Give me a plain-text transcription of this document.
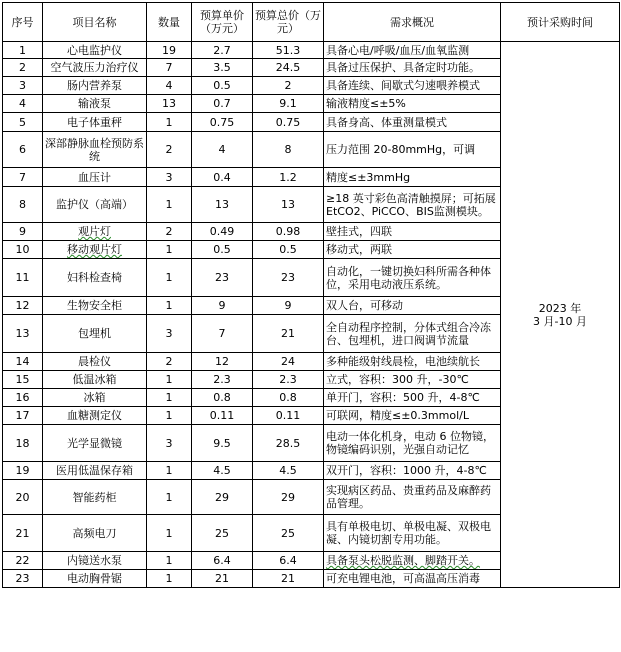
序号	项目名称	数量	预算单价（万元）	预算总价（万元）	需求概况	预计采购时间
1	心电监护仪	19	2.7	51.3	具备心电/呼吸/血压/血氧监测	2023 年
3 月-10 月

2	空气波压力治疗仪	7	3.5	24.5	具备过压保护、具备定时功能。	
3	肠内营养泵	4	0.5	2	具备连续、间歇式匀速喂养模式	
4	输液泵	13	0.7	9.1	输液精度≤±5%	
5	电子体重秤	1	0.75	0.75	具备身高、体重测量模式	
6	深部静脉血栓预防系统	2	4	8	压力范围 20-80mmHg，可调	
7	血压计	3	0.4	1.2	精度≤±3mmHg	
8	监护仪（高端）	1	13	13	≥18 英寸彩色高清触摸屏；可拓展EtCO2、PiCCO、BIS监测模块。	
9	观片灯	2	0.49	0.98	壁挂式，四联	
10	移动观片灯	1	0.5	0.5	移动式，两联	
11	妇科检查椅	1	23	23	自动化，一键切换妇科所需各种体位，采用电动液压系统。	
12	生物安全柜	1	9	9	双人台，可移动	
13	包埋机	3	7	21	全自动程序控制，分体式组合冷冻台、包埋机，进口阀调节流量	
14	晨检仪	2	12	24	多种能级射线晨检，电池续航长	
15	低温冰箱	1	2.3	2.3	立式，容积：300 升，-30℃	
16	冰箱	1	0.8	0.8	单开门，容积：500 升，4-8℃	
17	血糖测定仪	1	0.11	0.11	可联网，精度≤±0.3mmol/L	
18	光学显微镜	3	9.5	28.5	电动一体化机身，电动 6 位物镜，物镜编码识别，光强自动记忆	
19	医用低温保存箱	1	4.5	4.5	双开门，容积：1000 升，4-8℃	
20	智能药柜	1	29	29	实现病区药品、贵重药品及麻醉药品管理。	
21	高频电刀	1	25	25	具有单极电切、单极电凝、双极电凝、内镜切割专用功能。	
22	内镜送水泵	1	6.4	6.4	具备泵头松脱监测、脚踏开关。	
23	电动胸骨锯	1	21	21	可充电锂电池，可高温高压消毒	
